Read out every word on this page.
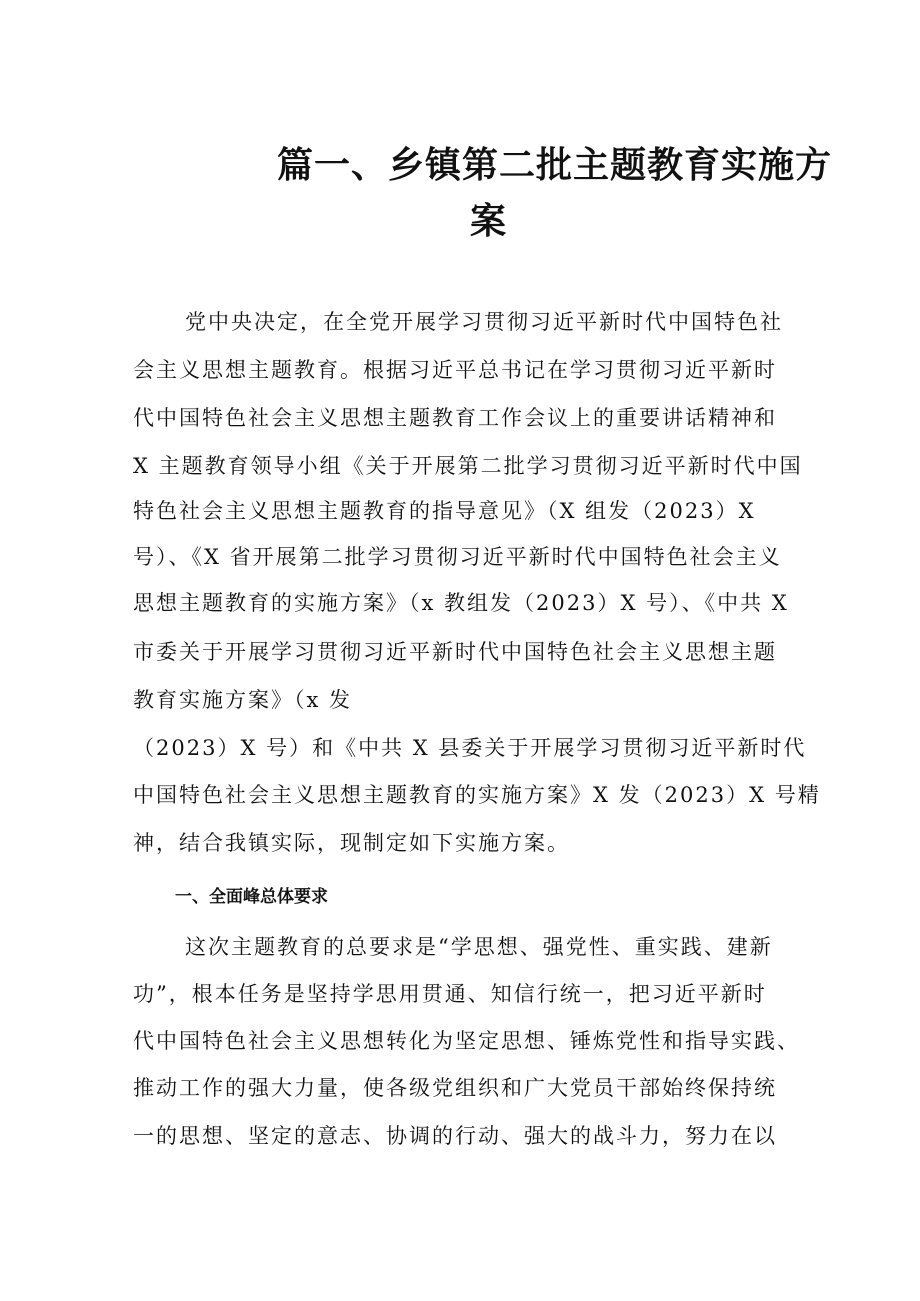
篇一、乡镇第二批主题教育实施方
案
党中央决定，在全党开展学习贯彻习近平新时代中国特色社
会主义思想主题教育。根据习近平总书记在学习贯彻习近平新时
代中国特色社会主义思想主题教育工作会议上的重要讲话精神和
X 主题教育领导小组《关于开展第二批学习贯彻习近平新时代中国
特色社会主义思想主题教育的指导意见》（X 组发（2023）X
号）、《X 省开展第二批学习贯彻习近平新时代中国特色社会主义
思想主题教育的实施方案》（x 教组发（2023）X 号）、《中共 X
市委关于开展学习贯彻习近平新时代中国特色社会主义思想主题
教育实施方案》（x 发
（2023）X 号）和《中共 X 县委关于开展学习贯彻习近平新时代
中国特色社会主义思想主题教育的实施方案》X 发（2023）X 号精
神，结合我镇实际，现制定如下实施方案。
一、全面峰总体要求
这次主题教育的总要求是“学思想、强党性、重实践、建新
功”，根本任务是坚持学思用贯通、知信行统一，把习近平新时
代中国特色社会主义思想转化为坚定思想、锤炼党性和指导实践、
推动工作的强大力量，使各级党组织和广大党员干部始终保持统
一的思想、坚定的意志、协调的行动、强大的战斗力，努力在以
